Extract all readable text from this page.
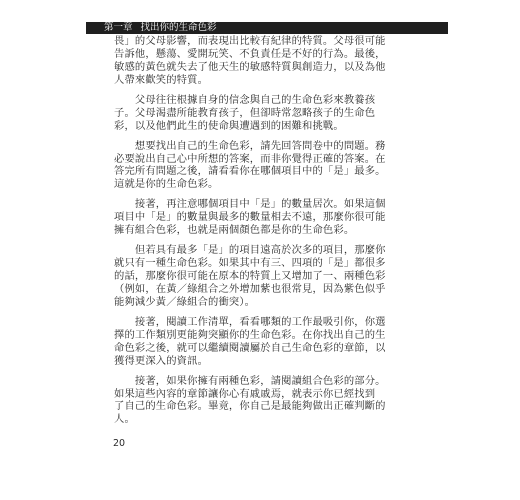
第一章 找出你的生命色彩
畏」的父母影響，而表現出比較有紀律的特質。父母很可能
告訴他，懸蕩、愛開玩笑、不負責任是不好的行為。最後，
敏感的黃色就失去了他天生的敏感特質與創造力，以及為他
人帶來歡笑的特質。
　　父母往往根據自身的信念與自己的生命色彩來教養孩
子。父母渴盡所能教育孩子，但卻時常忽略孩子的生命色
彩，以及他們此生的使命與遭遇到的困難和挑戰。
　　想要找出自己的生命色彩，請先回答問卷中的問題。務
必要說出自己心中所想的答案，而非你覺得正確的答案。在
答完所有問題之後，請看看你在哪個項目中的「是」最多。
這就是你的生命色彩。
　　接著，再注意哪個項目中「是」的數量居次。如果這個
項目中「是」的數量與最多的數量相去不遠，那麼你很可能
擁有組合色彩，也就是兩個顏色都是你的生命色彩。
　　但若具有最多「是」的項目遠高於次多的項目，那麼你
就只有一種生命色彩。如果其中有三、四項的「是」都很多
的話，那麼你很可能在原本的特質上又增加了一、兩種色彩
（例如，在黃／綠組合之外增加紫也很常見，因為紫色似乎
能夠減少黃／綠組合的衝突）。
　　接著，閱讀工作清單，看看哪類的工作最吸引你，你選
擇的工作類別更能夠突顯你的生命色彩。在你找出自己的生
命色彩之後，就可以繼續閱讀屬於自己生命色彩的章節，以
獲得更深入的資訊。
　　接著，如果你擁有兩種色彩，請閱讀組合色彩的部分。
如果這些內容的章節讓你心有戚戚焉，就表示你已經找到
了自己的生命色彩。畢竟，你自己是最能夠做出正確判斷的
人。
20
